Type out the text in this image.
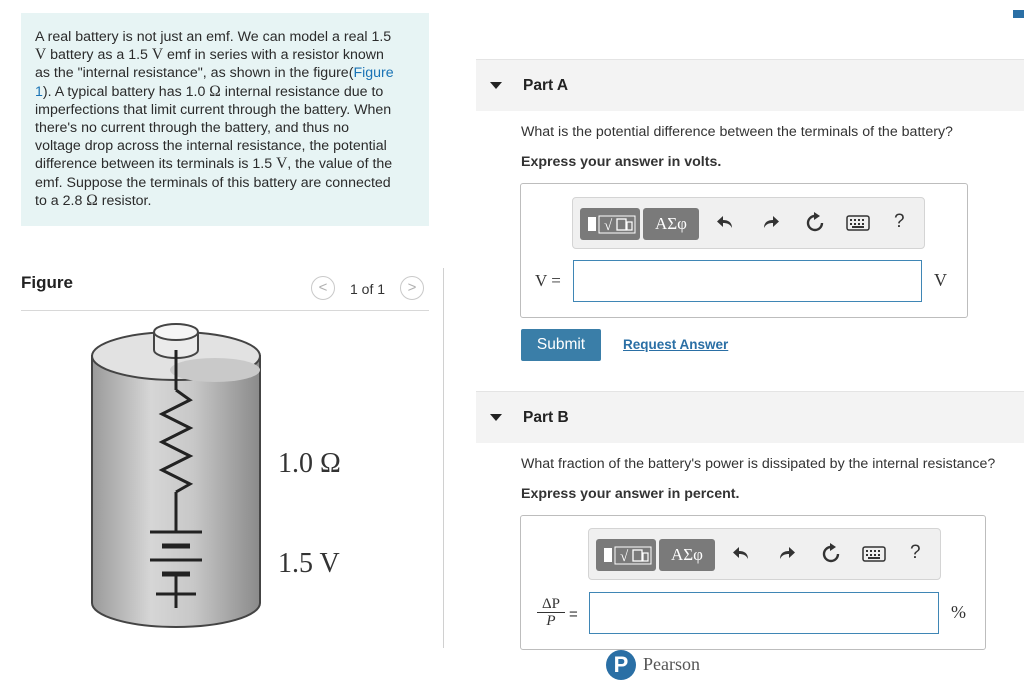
A real battery is not just an emf. We can model a real 1.5
V battery as a 1.5 V emf in series with a resistor known
as the "internal resistance", as shown in the figure(Figure
1). A typical battery has 1.0 Ω internal resistance due to
imperfections that limit current through the battery. When
there's no current through the battery, and thus no
voltage drop across the internal resistance, the potential
difference between its terminals is 1.5 V, the value of the
emf. Suppose the terminals of this battery are connected
to a 2.8 Ω resistor.
Figure	<	1 of 1	>
1.0 Ω
1.5 V
Part A
What is the potential difference between the terminals of the battery?
Express your answer in volts.
√	ΑΣφ	?
V =	V
Submit	Request Answer
Part B
What fraction of the battery's power is dissipated by the internal resistance?
Express your answer in percent.
√	ΑΣφ	?
$\frac{\Delta P}{P}$ =	%
P Pearson
